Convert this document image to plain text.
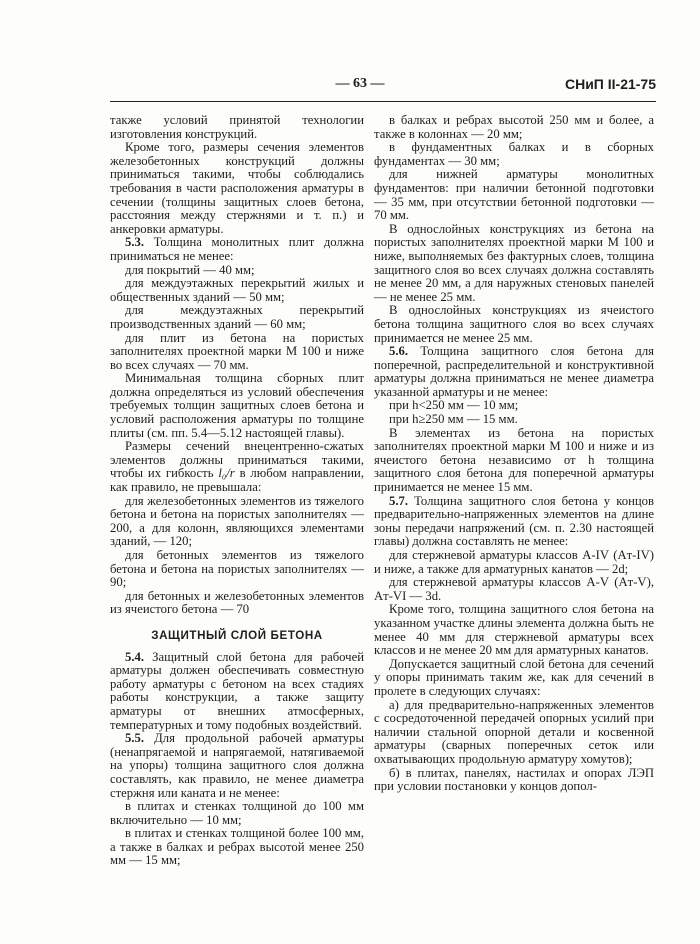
— 63 —	СНиП II-21-75

также условий принятой технологии изготовления конструкций.

Кроме того, размеры сечения элементов железобетонных конструкций должны приниматься такими, чтобы соблюдались требования в части расположения арматуры в сечении (толщины защитных слоев бетона, расстояния между стержнями и т. п.) и анкеровки арматуры.

5.3. Толщина монолитных плит должна приниматься не менее:

для покрытий — 40 мм;

для междуэтажных перекрытий жилых и общественных зданий — 50 мм;

для междуэтажных перекрытий производственных зданий — 60 мм;

для плит из бетона на пористых заполнителях проектной марки М 100 и ниже во всех случаях — 70 мм.

Минимальная толщина сборных плит должна определяться из условий обеспечения требуемых толщин защитных слоев бетона и условий расположения арматуры по толщине плиты (см. пп. 5.4—5.12 настоящей главы).

Размеры сечений внецентренно-сжатых элементов должны приниматься такими, чтобы их гибкость l₀/r в любом направлении, как правило, не превышала:

для железобетонных элементов из тяжелого бетона и бетона на пористых заполнителях — 200, а для колонн, являющихся элементами зданий, — 120;

для бетонных элементов из тяжелого бетона и бетона на пористых заполнителях — 90;

для бетонных и железобетонных элементов из ячеистого бетона — 70

ЗАЩИТНЫЙ СЛОЙ БЕТОНА

5.4. Защитный слой бетона для рабочей арматуры должен обеспечивать совместную работу арматуры с бетоном на всех стадиях работы конструкции, а также защиту арматуры от внешних атмосферных, температурных и тому подобных воздействий.

5.5. Для продольной рабочей арматуры (ненапрягаемой и напрягаемой, натягиваемой на упоры) толщина защитного слоя должна составлять, как правило, не менее диаметра стержня или каната и не менее:

в плитах и стенках толщиной до 100 мм включительно — 10 мм;

в плитах и стенках толщиной более 100 мм, а также в балках и ребрах высотой менее 250 мм — 15 мм;

в балках и ребрах высотой 250 мм и более, а также в колоннах — 20 мм;

в фундаментных балках и в сборных фундаментах — 30 мм;

для нижней арматуры монолитных фундаментов: при наличии бетонной подготовки — 35 мм, при отсутствии бетонной подготовки — 70 мм.

В однослойных конструкциях из бетона на пористых заполнителях проектной марки М 100 и ниже, выполняемых без фактурных слоев, толщина защитного слоя во всех случаях должна составлять не менее 20 мм, а для наружных стеновых панелей — не менее 25 мм.

В однослойных конструкциях из ячеистого бетона толщина защитного слоя во всех случаях принимается не менее 25 мм.

5.6. Толщина защитного слоя бетона для поперечной, распределительной и конструктивной арматуры должна приниматься не менее диаметра указанной арматуры и не менее:

при h<250 мм — 10 мм;

при h≥250 мм — 15 мм.

В элементах из бетона на пористых заполнителях проектной марки М 100 и ниже и из ячеистого бетона независимо от h толщина защитного слоя бетона для поперечной арматуры принимается не менее 15 мм.

5.7. Толщина защитного слоя бетона у концов предварительно-напряженных элементов на длине зоны передачи напряжений (см. п. 2.30 настоящей главы) должна составлять не менее:

для стержневой арматуры классов A-IV (Aт-IV) и ниже, а также для арматурных канатов — 2d;

для стержневой арматуры классов A-V (Aт-V), Aт-VI — 3d.

Кроме того, толщина защитного слоя бетона на указанном участке длины элемента должна быть не менее 40 мм для стержневой арматуры всех классов и не менее 20 мм для арматурных канатов.

Допускается защитный слой бетона для сечений у опоры принимать таким же, как для сечений в пролете в следующих случаях:

а) для предварительно-напряженных элементов с сосредоточенной передачей опорных усилий при наличии стальной опорной детали и косвенной арматуры (сварных поперечных сеток или охватывающих продольную арматуру хомутов);

б) в плитах, панелях, настилах и опорах ЛЭП при условии постановки у концов допол-
